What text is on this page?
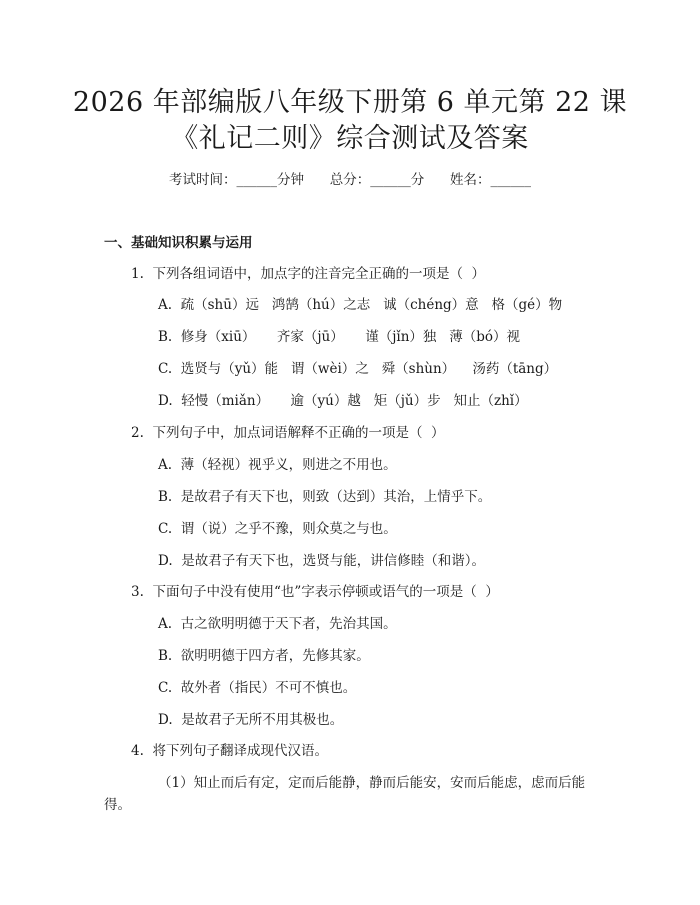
2026 年部编版八年级下册第 6 单元第 22 课
《礼记二则》综合测试及答案
考试时间：______分钟      总分：______分      姓名：______
一、基础知识积累与运用
1.  下列各组词语中，加点字的注音完全正确的一项是（  ）
A.  疏（shū）远   鸿鹄（hú）之志   诚（chéng）意   格（gé）物
B.  修身（xiū）     齐家（jū）     谨（jǐn）独   薄（bó）视
C.  选贤与（yǔ）能   谓（wèi）之   舜（shùn）    汤药（tāng）
D.  轻慢（miǎn）     逾（yú）越   矩（jǔ）步   知止（zhǐ）
2.  下列句子中，加点词语解释不正确的一项是（  ）
A.  薄（轻视）视乎义，则进之不用也。
B.  是故君子有天下也，则致（达到）其治，上情乎下。
C.  谓（说）之乎不豫，则众莫之与也。
D.  是故君子有天下也，选贤与能，讲信修睦（和谐）。
3.  下面句子中没有使用“也”字表示停顿或语气的一项是（  ）
A.  古之欲明明德于天下者，先治其国。
B.  欲明明德于四方者，先修其家。
C.  故外者（指民）不可不慎也。
D.  是故君子无所不用其极也。
4.  将下列句子翻译成现代汉语。
（1）知止而后有定，定而后能静，静而后能安，安而后能虑，虑而后能
得。
